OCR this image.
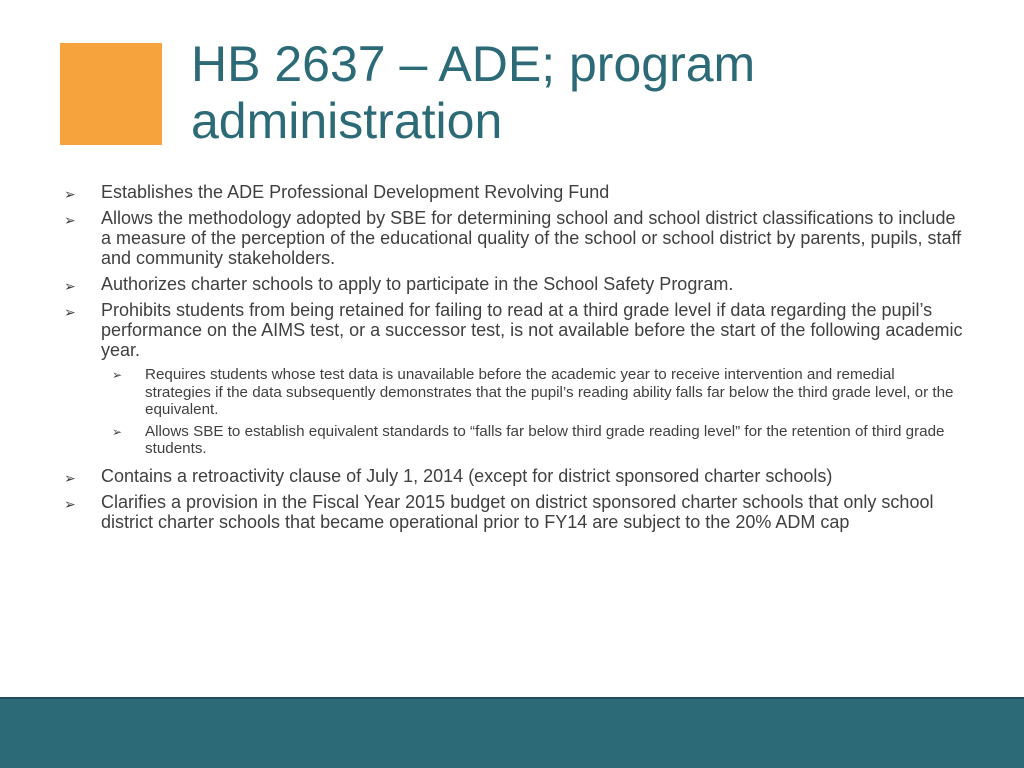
HB 2637 – ADE; program administration
➢ Establishes the ADE Professional Development Revolving Fund
➢ Allows the methodology adopted by SBE for determining school and school district classifications to include a measure of the perception of the educational quality of the school or school district by parents, pupils, staff and community stakeholders.
➢ Authorizes charter schools to apply to participate in the School Safety Program.
➢ Prohibits students from being retained for failing to read at a third grade level if data regarding the pupil’s performance on the AIMS test, or a successor test, is not available before the start of the following academic year.
➢ Requires students whose test data is unavailable before the academic year to receive intervention and remedial strategies if the data subsequently demonstrates that the pupil’s reading ability falls far below the third grade level, or the equivalent.
➢ Allows SBE to establish equivalent standards to “falls far below third grade reading level” for the retention of third grade students.
➢ Contains a retroactivity clause of July 1, 2014 (except for district sponsored charter schools)
➢ Clarifies a provision in the Fiscal Year 2015 budget on district sponsored charter schools that only school district charter schools that became operational prior to FY14 are subject to the 20% ADM cap
